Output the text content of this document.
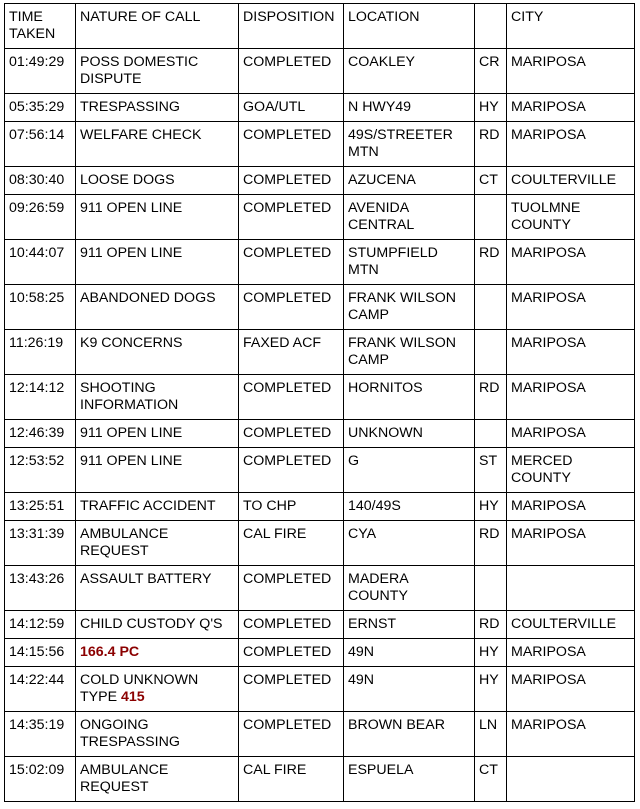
TIME
TAKEN	NATURE OF CALL	DISPOSITION	LOCATION		CITY
01:49:29	POSS DOMESTIC
DISPUTE	COMPLETED	COAKLEY	CR	MARIPOSA
05:35:29	TRESPASSING	GOA/UTL	N HWY49	HY	MARIPOSA
07:56:14	WELFARE CHECK	COMPLETED	49S/STREETER
MTN	RD	MARIPOSA
08:30:40	LOOSE DOGS	COMPLETED	AZUCENA	CT	COULTERVILLE
09:26:59	911 OPEN LINE	COMPLETED	AVENIDA
CENTRAL		TUOLMNE
COUNTY
10:44:07	911 OPEN LINE	COMPLETED	STUMPFIELD
MTN	RD	MARIPOSA
10:58:25	ABANDONED DOGS	COMPLETED	FRANK WILSON
CAMP		MARIPOSA
11:26:19	K9 CONCERNS	FAXED ACF	FRANK WILSON
CAMP		MARIPOSA
12:14:12	SHOOTING
INFORMATION	COMPLETED	HORNITOS	RD	MARIPOSA
12:46:39	911 OPEN LINE	COMPLETED	UNKNOWN		MARIPOSA
12:53:52	911 OPEN LINE	COMPLETED	G	ST	MERCED
COUNTY
13:25:51	TRAFFIC ACCIDENT	TO CHP	140/49S	HY	MARIPOSA
13:31:39	AMBULANCE
REQUEST	CAL FIRE	CYA	RD	MARIPOSA
13:43:26	ASSAULT BATTERY	COMPLETED	MADERA
COUNTY		
14:12:59	CHILD CUSTODY Q'S	COMPLETED	ERNST	RD	COULTERVILLE
14:15:56	166.4 PC	COMPLETED	49N	HY	MARIPOSA
14:22:44	COLD UNKNOWN
TYPE 415	COMPLETED	49N	HY	MARIPOSA
14:35:19	ONGOING
TRESPASSING	COMPLETED	BROWN BEAR	LN	MARIPOSA
15:02:09	AMBULANCE
REQUEST	CAL FIRE	ESPUELA	CT	
